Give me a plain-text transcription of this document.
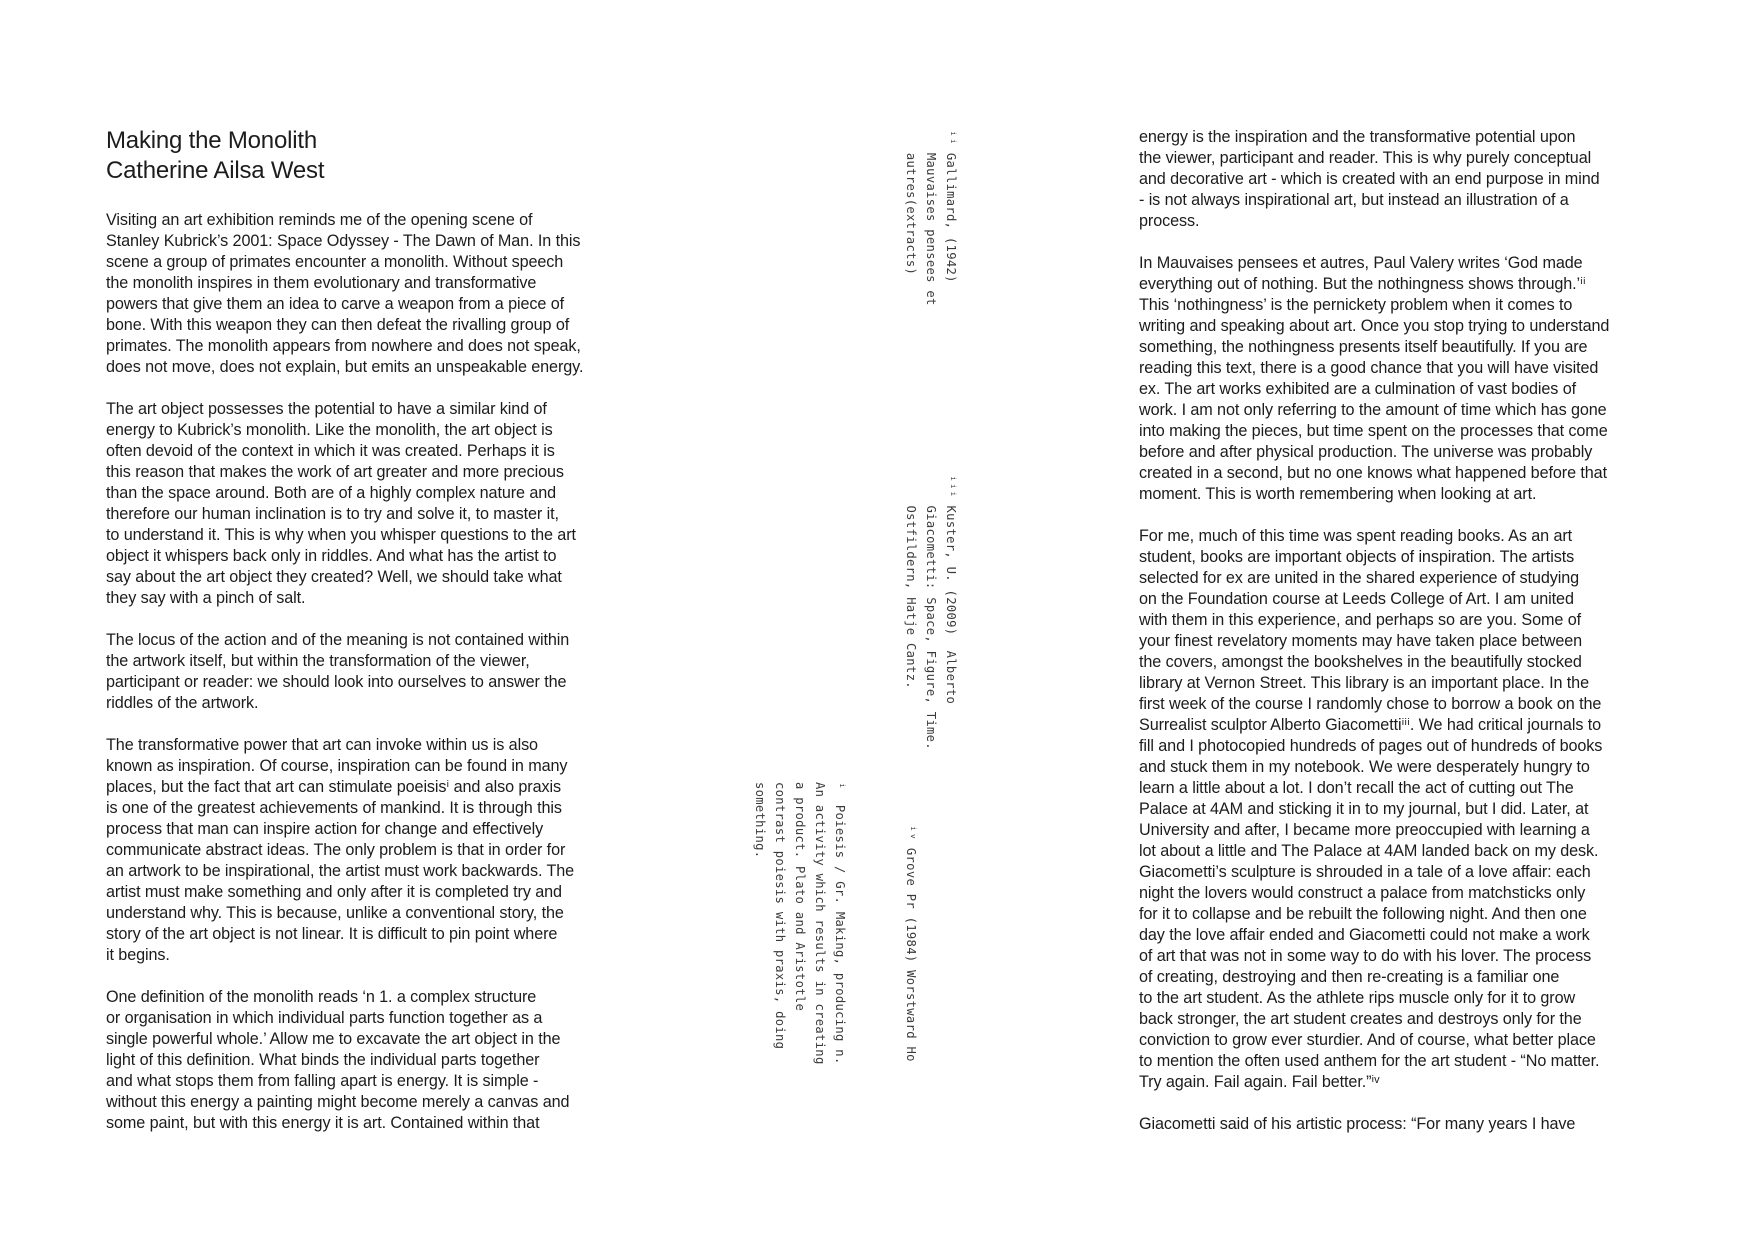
Making the Monolith
Catherine Ailsa West

Visiting an art exhibition reminds me of the opening scene of
Stanley Kubrick’s 2001: Space Odyssey - The Dawn of Man. In this
scene a group of primates encounter a monolith. Without speech
the monolith inspires in them evolutionary and transformative
powers that give them an idea to carve a weapon from a piece of
bone. With this weapon they can then defeat the rivalling group of
primates. The monolith appears from nowhere and does not speak,
does not move, does not explain, but emits an unspeakable energy.

The art object possesses the potential to have a similar kind of
energy to Kubrick’s monolith. Like the monolith, the art object is
often devoid of the context in which it was created. Perhaps it is
this reason that makes the work of art greater and more precious
than the space around. Both are of a highly complex nature and
therefore our human inclination is to try and solve it, to master it,
to understand it. This is why when you whisper questions to the art
object it whispers back only in riddles. And what has the artist to
say about the art object they created? Well, we should take what
they say with a pinch of salt.

The locus of the action and of the meaning is not contained within
the artwork itself, but within the transformation of the viewer,
participant or reader: we should look into ourselves to answer the
riddles of the artwork.

The transformative power that art can invoke within us is also
known as inspiration. Of course, inspiration can be found in many
places, but the fact that art can stimulate poeisisⁱ and also praxis
is one of the greatest achievements of mankind. It is through this
process that man can inspire action for change and effectively
communicate abstract ideas. The only problem is that in order for
an artwork to be inspirational, the artist must work backwards. The
artist must make something and only after it is completed try and
understand why. This is because, unlike a conventional story, the
story of the art object is not linear. It is difficult to pin point where
it begins.

One definition of the monolith reads ‘n 1. a complex structure
or organisation in which individual parts function together as a
single powerful whole.’ Allow me to excavate the art object in the
light of this definition. What binds the individual parts together
and what stops them from falling apart is energy. It is simple -
without this energy a painting might become merely a canvas and
some paint, but with this energy it is art. Contained within that

ⁱⁱ Gallimard, (1942)
Mauvaises pensees et
autres(extracts)
ⁱⁱⁱ Kuster, U. (2009)  Alberto
Giacometti: Space, Figure, Time.
Ostfildern, Hatje Cantz.
ⁱᵛ Grove Pr (1984) Worstward Ho
ⁱ  Poiesis / Gr. Making, producing n.
An activity which results in creating
a product. Plato and Aristotle
contrast poiesis with praxis, doing
something.

energy is the inspiration and the transformative potential upon
the viewer, participant and reader. This is why purely conceptual
and decorative art - which is created with an end purpose in mind
- is not always inspirational art, but instead an illustration of a
process.

In Mauvaises pensees et autres, Paul Valery writes ‘God made
everything out of nothing. But the nothingness shows through.’ⁱⁱ
This ‘nothingness’ is the pernickety problem when it comes to
writing and speaking about art. Once you stop trying to understand
something, the nothingness presents itself beautifully. If you are
reading this text, there is a good chance that you will have visited
ex. The art works exhibited are a culmination of vast bodies of
work. I am not only referring to the amount of time which has gone
into making the pieces, but time spent on the processes that come
before and after physical production. The universe was probably
created in a second, but no one knows what happened before that
moment. This is worth remembering when looking at art.

For me, much of this time was spent reading books. As an art
student, books are important objects of inspiration. The artists
selected for ex are united in the shared experience of studying
on the Foundation course at Leeds College of Art. I am united
with them in this experience, and perhaps so are you. Some of
your finest revelatory moments may have taken place between
the covers, amongst the bookshelves in the beautifully stocked
library at Vernon Street. This library is an important place. In the
first week of the course I randomly chose to borrow a book on the
Surrealist sculptor Alberto Giacomettiⁱⁱⁱ. We had critical journals to
fill and I photocopied hundreds of pages out of hundreds of books
and stuck them in my notebook. We were desperately hungry to
learn a little about a lot. I don’t recall the act of cutting out The
Palace at 4AM and sticking it in to my journal, but I did. Later, at
University and after, I became more preoccupied with learning a
lot about a little and The Palace at 4AM landed back on my desk.
Giacometti’s sculpture is shrouded in a tale of a love affair: each
night the lovers would construct a palace from matchsticks only
for it to collapse and be rebuilt the following night. And then one
day the love affair ended and Giacometti could not make a work
of art that was not in some way to do with his lover. The process
of creating, destroying and then re-creating is a familiar one
to the art student. As the athlete rips muscle only for it to grow
back stronger, the art student creates and destroys only for the
conviction to grow ever sturdier. And of course, what better place
to mention the often used anthem for the art student - “No matter.
Try again. Fail again. Fail better.”ⁱᵛ

Giacometti said of his artistic process: “For many years I have
